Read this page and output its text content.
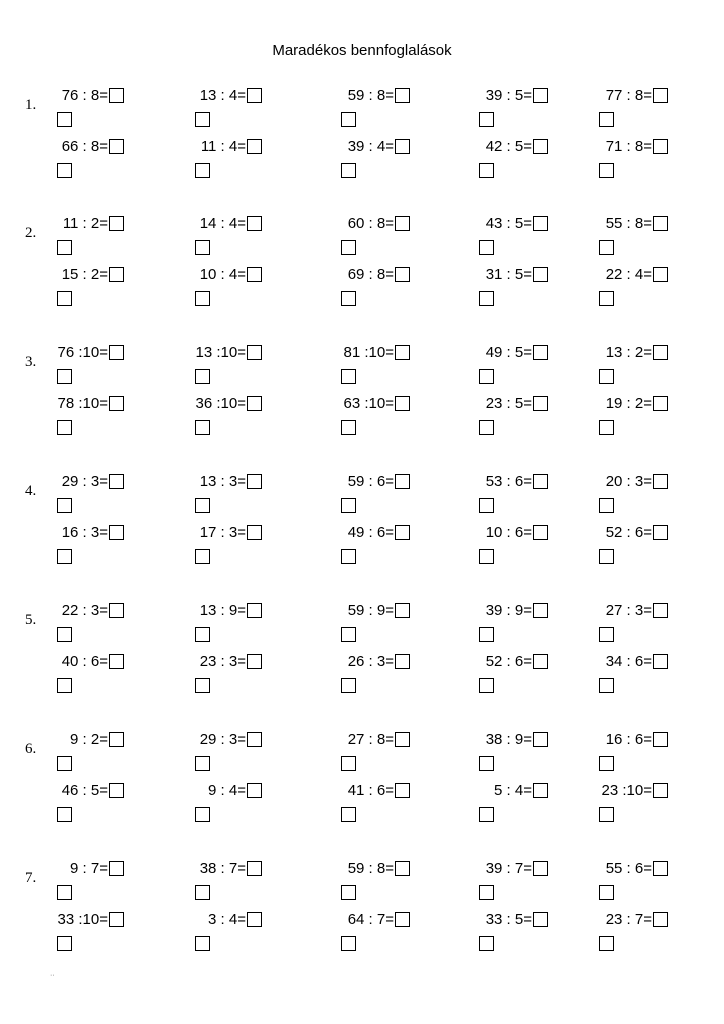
Maradékos bennfoglalások
1.
76 : 8=	13 : 4=	59 : 8=	39 : 5=	77 : 8=
66 : 8=	11 : 4=	39 : 4=	42 : 5=	71 : 8=
2.
11 : 2=	14 : 4=	60 : 8=	43 : 5=	55 : 8=
15 : 2=	10 : 4=	69 : 8=	31 : 5=	22 : 4=
3.
76 :10=	13 :10=	81 :10=	49 : 5=	13 : 2=
78 :10=	36 :10=	63 :10=	23 : 5=	19 : 2=
4.
29 : 3=	13 : 3=	59 : 6=	53 : 6=	20 : 3=
16 : 3=	17 : 3=	49 : 6=	10 : 6=	52 : 6=
5.
22 : 3=	13 : 9=	59 : 9=	39 : 9=	27 : 3=
40 : 6=	23 : 3=	26 : 3=	52 : 6=	34 : 6=
6.
9 : 2=	29 : 3=	27 : 8=	38 : 9=	16 : 6=
46 : 5=	9 : 4=	41 : 6=	5 : 4=	23 :10=
7.
9 : 7=	38 : 7=	59 : 8=	39 : 7=	55 : 6=
33 :10=	3 : 4=	64 : 7=	33 : 5=	23 : 7=
··
